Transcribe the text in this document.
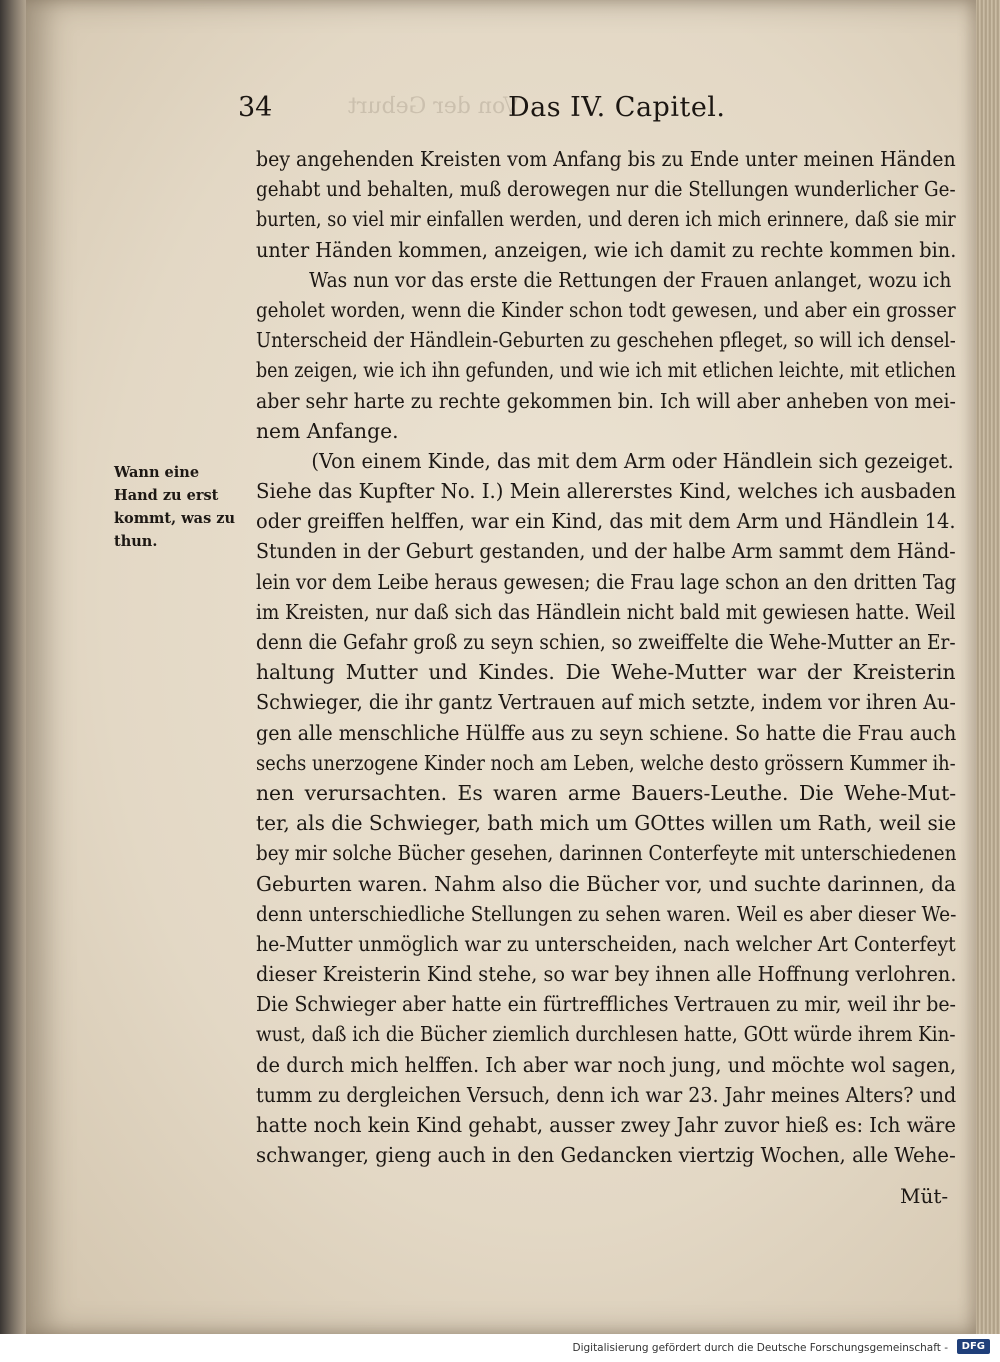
Von der Geburt
34	Das IV. Capitel.
Wann eine
Hand zu erst
kommt, was zu
thun.
bey angehenden Kreisten vom Anfang bis zu Ende unter meinen Händen
gehabt und behalten, muß derowegen nur die Stellungen wunderlicher Ge-
burten, so viel mir einfallen werden, und deren ich mich erinnere, daß sie mir
unter Händen kommen, anzeigen, wie ich damit zu rechte kommen bin.
Was nun vor das erste die Rettungen der Frauen anlanget, wozu ich
geholet worden, wenn die Kinder schon todt gewesen, und aber ein grosser
Unterscheid der Händlein-Geburten zu geschehen pfleget, so will ich densel-
ben zeigen, wie ich ihn gefunden, und wie ich mit etlichen leichte, mit etlichen
aber sehr harte zu rechte gekommen bin. Ich will aber anheben von mei-
nem Anfange.
(Von einem Kinde, das mit dem Arm oder Händlein sich gezeiget.
Siehe das Kupfter No. I.) Mein allererstes Kind, welches ich ausbaden
oder greiffen helffen, war ein Kind, das mit dem Arm und Händlein 14.
Stunden in der Geburt gestanden, und der halbe Arm sammt dem Händ-
lein vor dem Leibe heraus gewesen; die Frau lage schon an den dritten Tag
im Kreisten, nur daß sich das Händlein nicht bald mit gewiesen hatte. Weil
denn die Gefahr groß zu seyn schien, so zweiffelte die Wehe-Mutter an Er-
haltung Mutter und Kindes. Die Wehe-Mutter war der Kreisterin
Schwieger, die ihr gantz Vertrauen auf mich setzte, indem vor ihren Au-
gen alle menschliche Hülffe aus zu seyn schiene. So hatte die Frau auch
sechs unerzogene Kinder noch am Leben, welche desto grössern Kummer ih-
nen verursachten. Es waren arme Bauers-Leuthe. Die Wehe-Mut-
ter, als die Schwieger, bath mich um GOttes willen um Rath, weil sie
bey mir solche Bücher gesehen, darinnen Conterfeyte mit unterschiedenen
Geburten waren. Nahm also die Bücher vor, und suchte darinnen, da
denn unterschiedliche Stellungen zu sehen waren. Weil es aber dieser We-
he-Mutter unmöglich war zu unterscheiden, nach welcher Art Conterfeyt
dieser Kreisterin Kind stehe, so war bey ihnen alle Hoffnung verlohren.
Die Schwieger aber hatte ein fürtreffliches Vertrauen zu mir, weil ihr be-
wust, daß ich die Bücher ziemlich durchlesen hatte, GOtt würde ihrem Kin-
de durch mich helffen. Ich aber war noch jung, und möchte wol sagen,
tumm zu dergleichen Versuch, denn ich war 23. Jahr meines Alters? und
hatte noch kein Kind gehabt, ausser zwey Jahr zuvor hieß es: Ich wäre
schwanger, gieng auch in den Gedancken viertzig Wochen, alle Wehe-
Müt-
Digitalisierung gefördert durch die Deutsche Forschungsgemeinschaft -	DFG
